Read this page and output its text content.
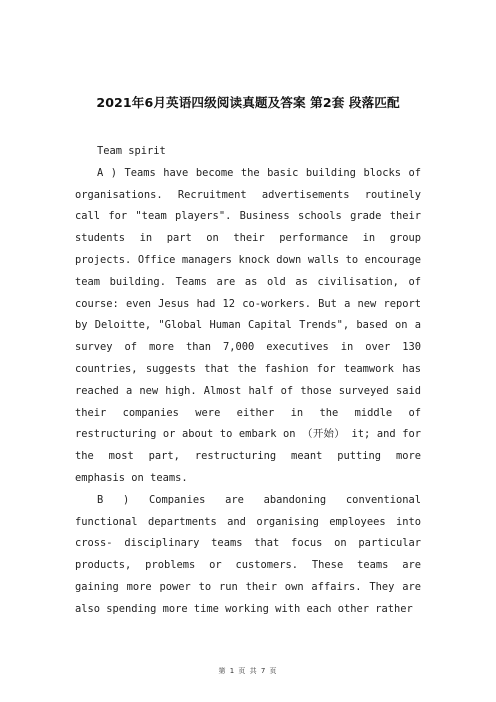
2021年6月英语四级阅读真题及答案 第2套 段落匹配
Team spirit

A ) Teams have become the basic building blocks of organisations. Recruitment advertisements routinely call for "team players". Business schools grade their students in part on their performance in group projects. Office managers knock down walls to encourage team building. Teams are as old as civilisation, of course: even Jesus had 12 co-workers. But a new report by Deloitte, "Global Human Capital Trends", based on a survey of more than 7,000 executives in over 130 countries, suggests that the fashion for teamwork has reached a new high. Almost half of those surveyed said their companies were either in the middle of restructuring or about to embark on （开始） it; and for the most part, restructuring meant putting more emphasis on teams.

B ) Companies are abandoning conventional functional departments and organising employees into cross- disciplinary teams that focus on particular products, problems or customers. These teams are gaining more power to run their own affairs. They are also spending more time working with each other rather

第 1 页 共 7 页
